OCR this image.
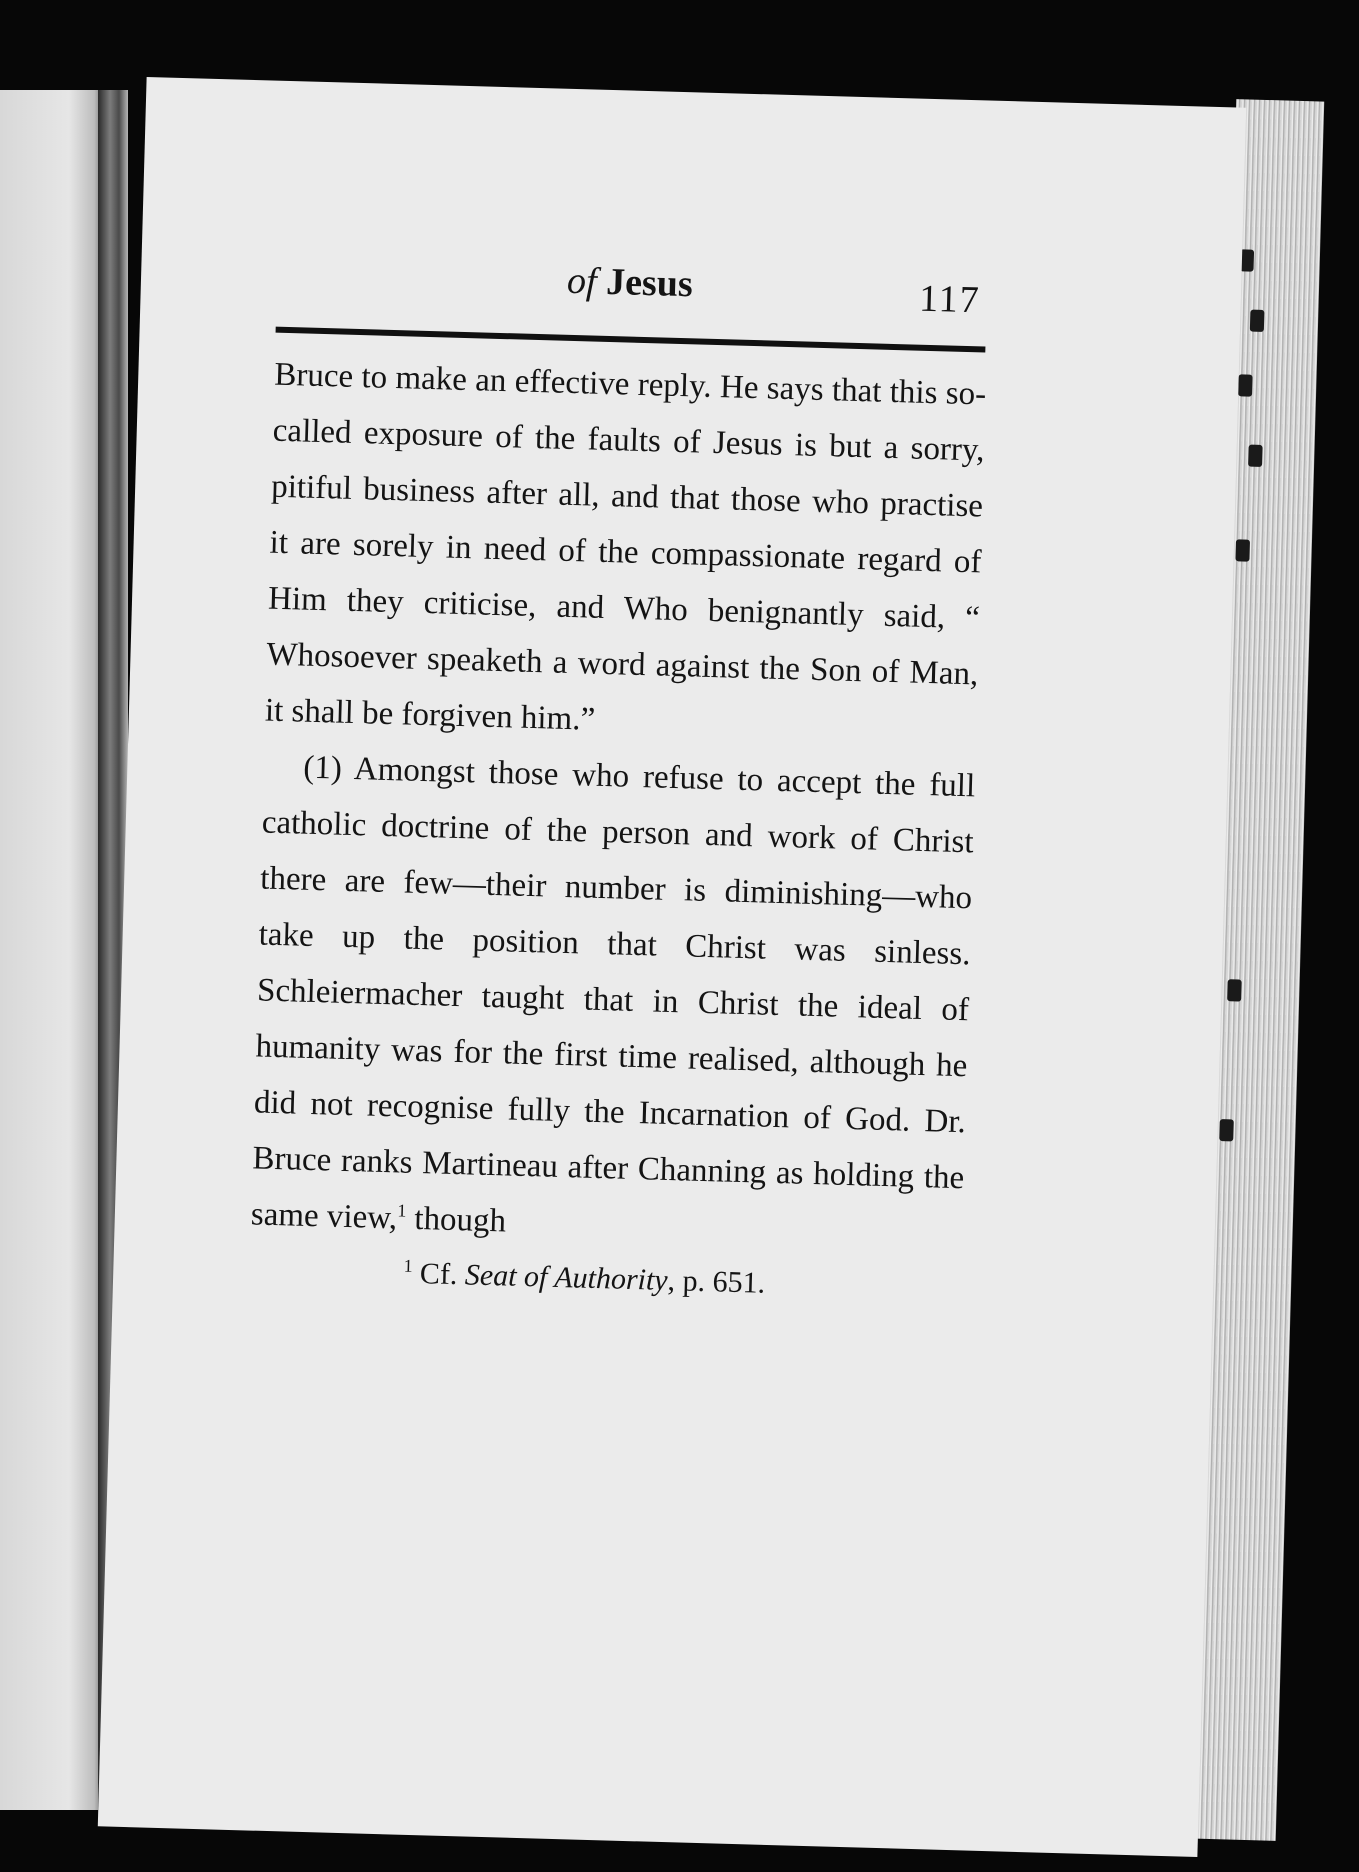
of Jesus	117

Bruce to make an effective reply. He says that this so-called exposure of the faults of Jesus is but a sorry, pitiful business after all, and that those who practise it are sorely in need of the compassionate regard of Him they criticise, and Who benignantly said, “ Whosoever speaketh a word against the Son of Man, it shall be forgiven him.”

(1) Amongst those who refuse to accept the full catholic doctrine of the person and work of Christ there are few—their number is diminishing—who take up the position that Christ was sinless. Schleiermacher taught that in Christ the ideal of humanity was for the first time realised, although he did not recognise fully the Incarnation of God. Dr. Bruce ranks Martineau after Channing as holding the same view,$^1$ though

$^1$ Cf. Seat of Authority, p. 651.
